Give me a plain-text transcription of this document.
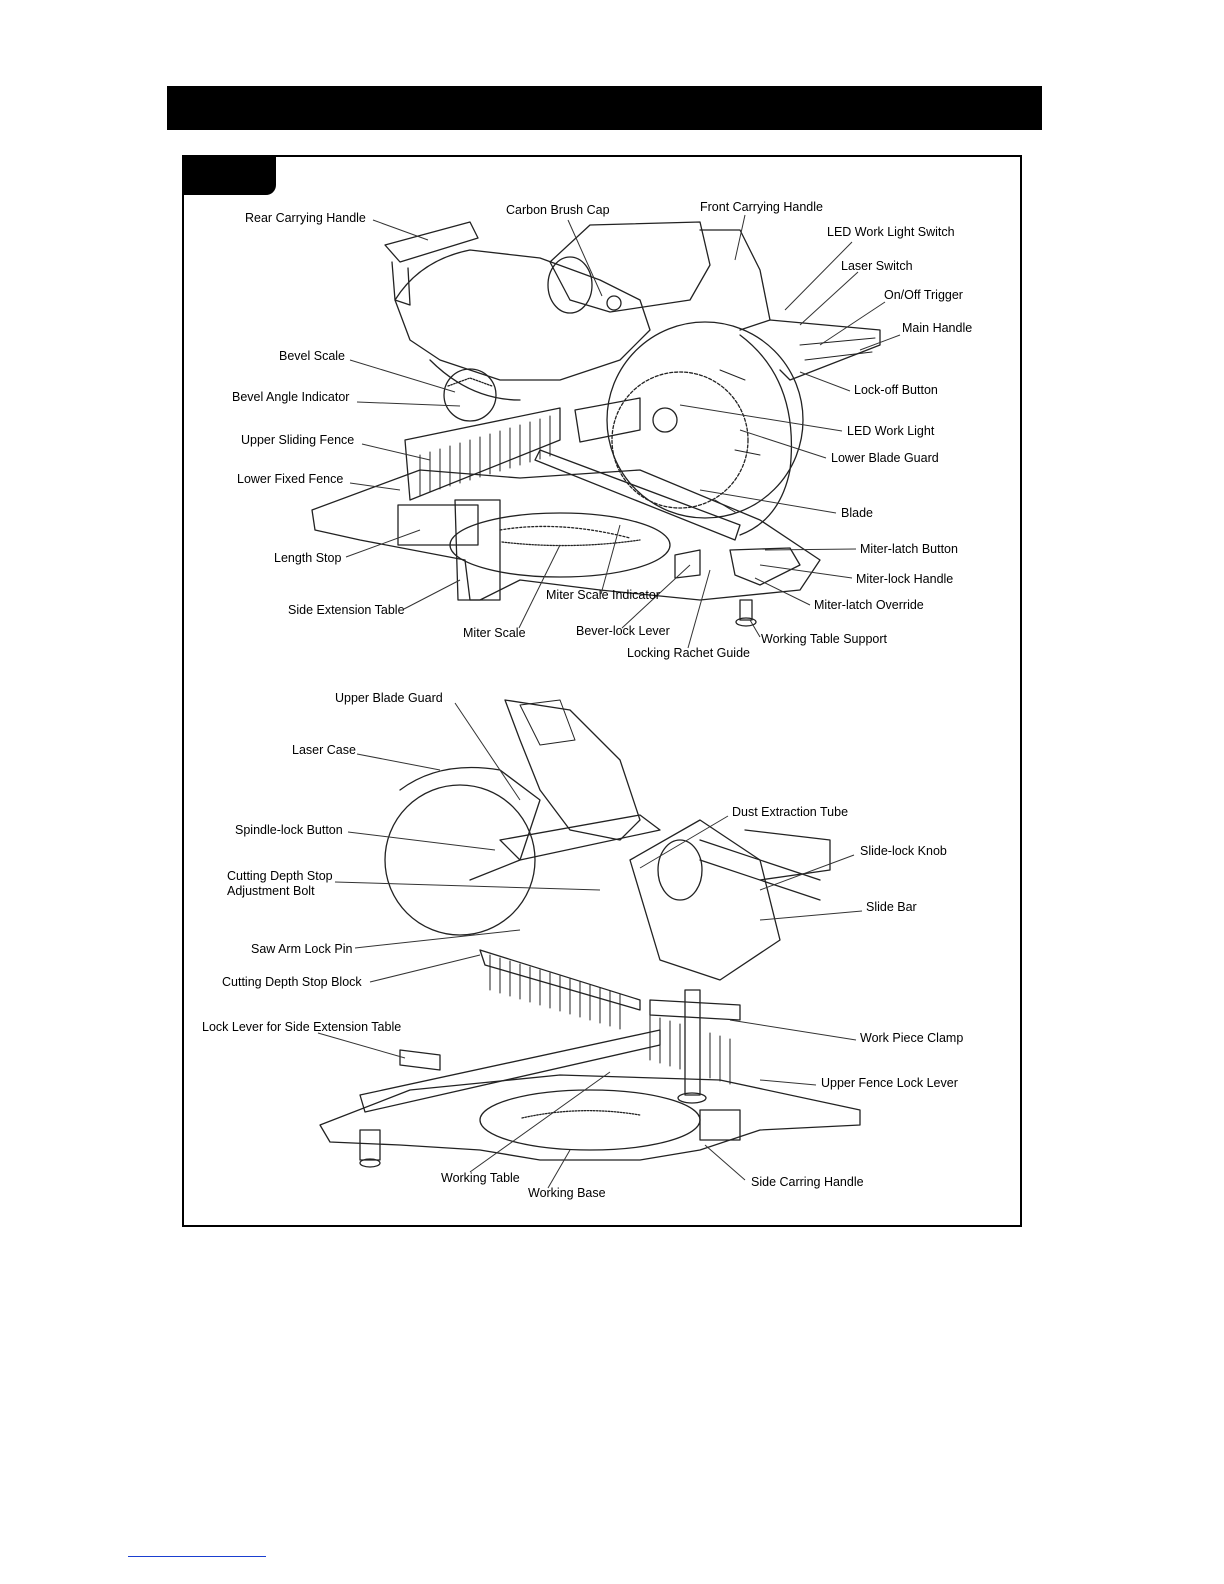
Rear Carrying Handle
Carbon Brush Cap	Front Carrying Handle
LED Work Light Switch
Laser Switch
On/Off Trigger
Main Handle
Bevel Scale
Lock-off Button
Bevel Angle Indicator
Upper Sliding Fence
LED Work Light
Lower Blade Guard
Lower Fixed Fence
Blade
Miter-latch Button
Length Stop
Miter-lock Handle
Side Extension Table
Miter Scale Indicator
Miter-latch Override
Miter Scale	Bever-lock Lever
Working Table Support
Locking Rachet Guide
Upper Blade Guard
Laser Case
Dust Extraction Tube
Spindle-lock Button
Slide-lock Knob
Cutting Depth Stop Adjustment Bolt
Slide Bar
Saw Arm Lock Pin
Cutting Depth Stop Block
Lock Lever for Side Extension Table
Work Piece Clamp
Upper Fence Lock Lever
Working Table	Side Carring Handle
Working Base
